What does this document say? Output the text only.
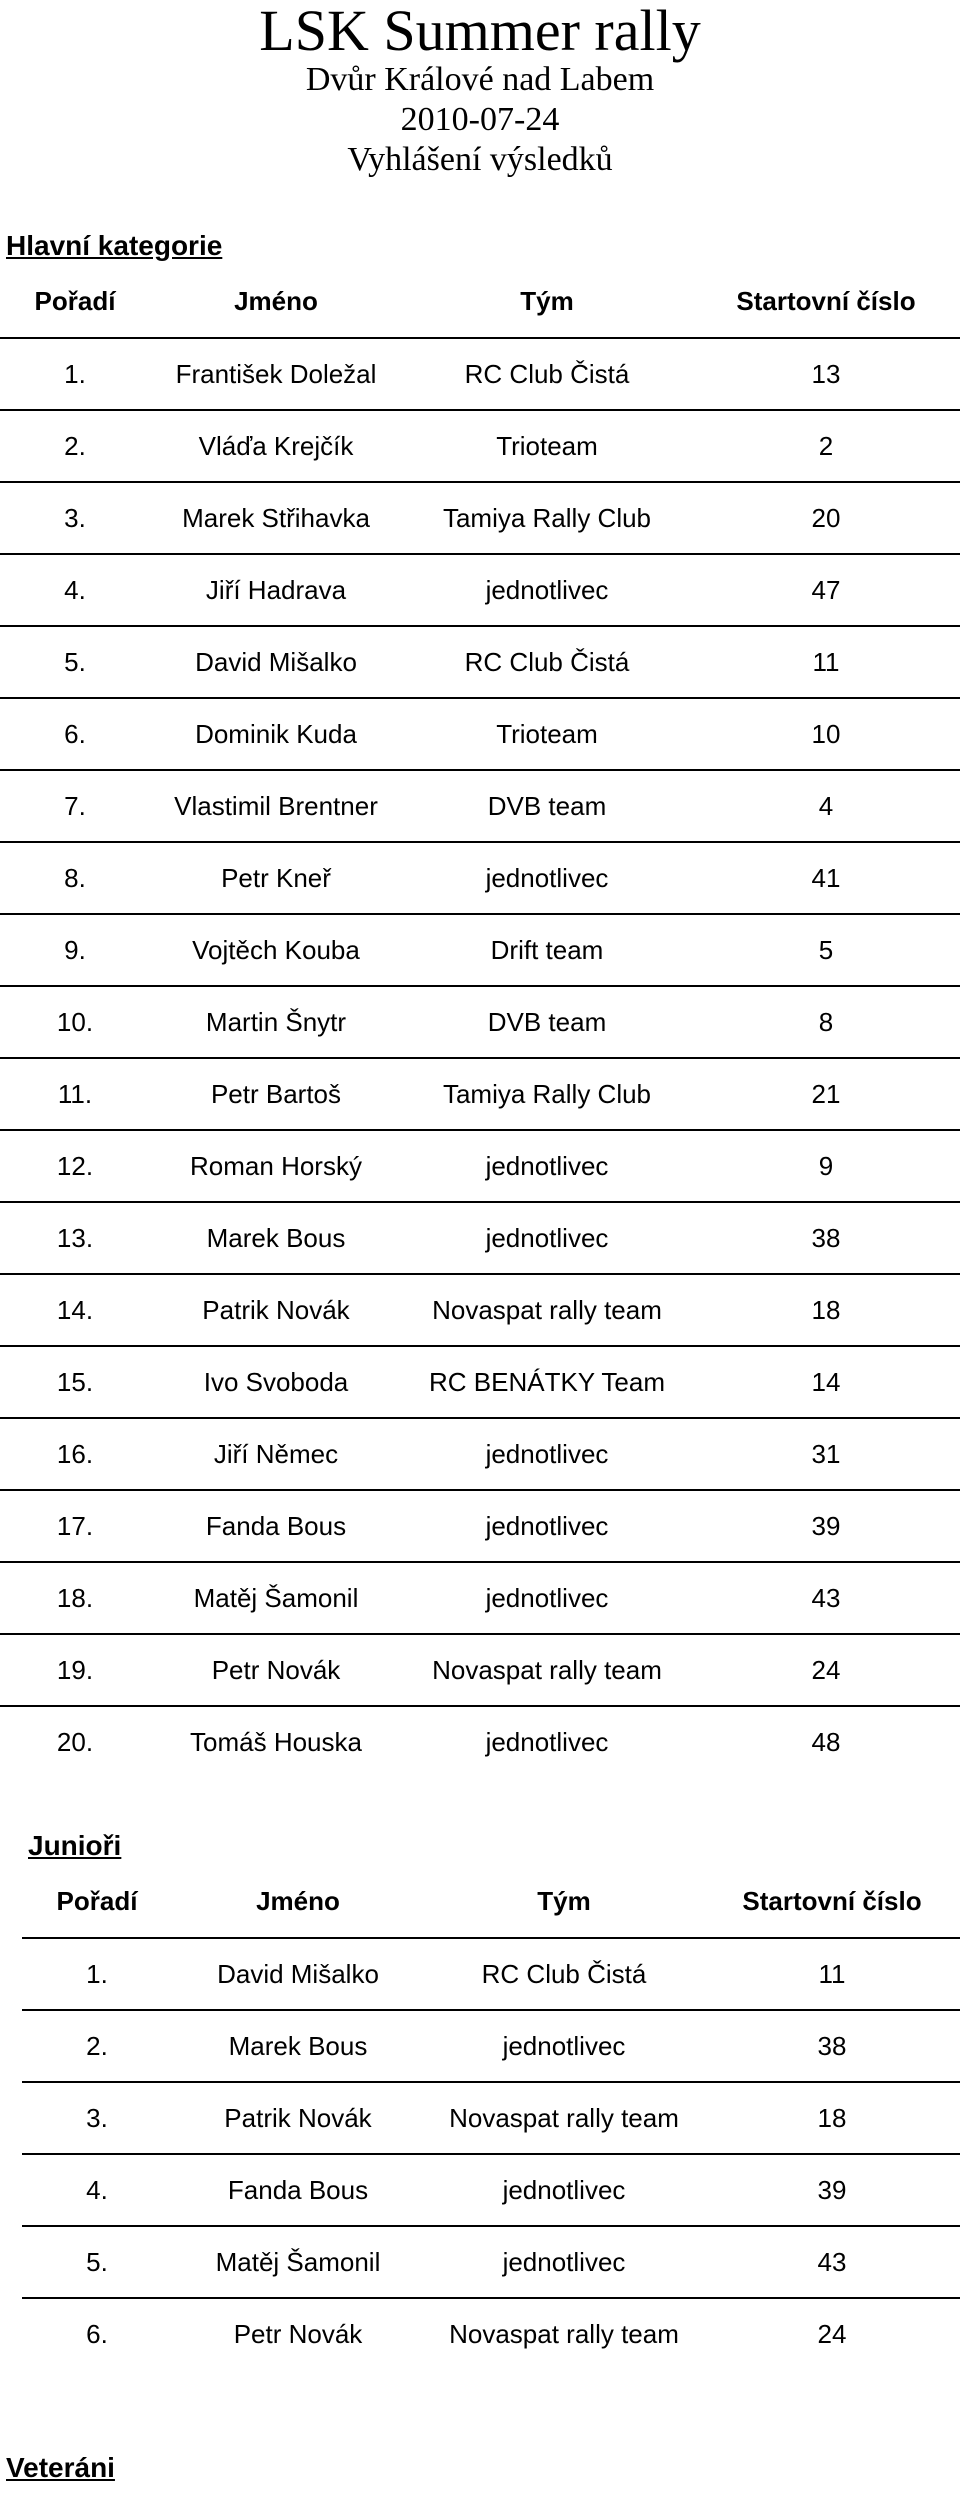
LSK Summer rally
Dvůr Králové nad Labem
2010-07-24
Vyhlášení výsledků
Hlavní kategorie
Pořadí	Jméno	Tým	Startovní číslo
1.	František Doležal	RC Club Čistá	13
2.	Vláďa Krejčík	Trioteam	2
3.	Marek Střihavka	Tamiya Rally Club	20
4.	Jiří Hadrava	jednotlivec	47
5.	David Mišalko	RC Club Čistá	11
6.	Dominik Kuda	Trioteam	10
7.	Vlastimil Brentner	DVB team	4
8.	Petr Kneř	jednotlivec	41
9.	Vojtěch Kouba	Drift team	5
10.	Martin Šnytr	DVB team	8
11.	Petr Bartoš	Tamiya Rally Club	21
12.	Roman Horský	jednotlivec	9
13.	Marek Bous	jednotlivec	38
14.	Patrik Novák	Novaspat rally team	18
15.	Ivo Svoboda	RC BENÁTKY Team	14
16.	Jiří Němec	jednotlivec	31
17.	Fanda Bous	jednotlivec	39
18.	Matěj Šamonil	jednotlivec	43
19.	Petr Novák	Novaspat rally team	24
20.	Tomáš Houska	jednotlivec	48
Junioři
Pořadí	Jméno	Tým	Startovní číslo
1.	David Mišalko	RC Club Čistá	11
2.	Marek Bous	jednotlivec	38
3.	Patrik Novák	Novaspat rally team	18
4.	Fanda Bous	jednotlivec	39
5.	Matěj Šamonil	jednotlivec	43
6.	Petr Novák	Novaspat rally team	24
Veteráni
